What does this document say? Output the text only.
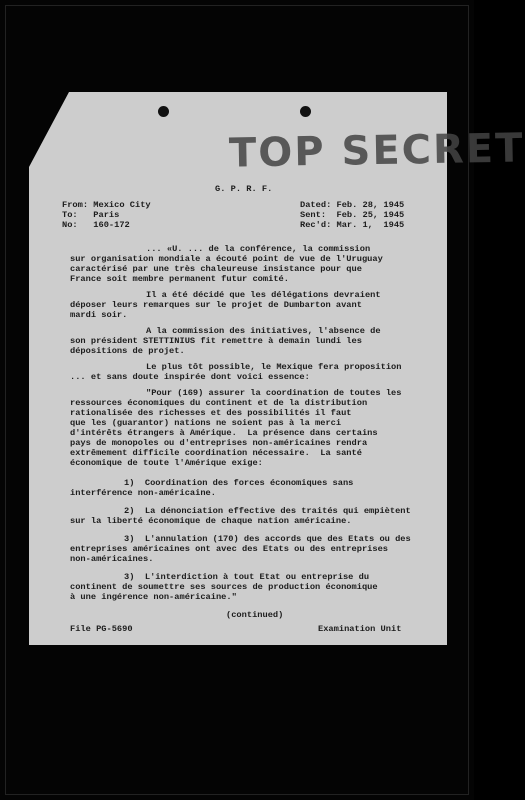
TOP SECRET
G. P. R. F.
From: Mexico City
To:   Paris
No:   160-172
Dated: Feb. 28, 1945
Sent:  Feb. 25, 1945
Rec'd: Mar. 1,  1945
... «U. ... de la conférence, la commission
sur organisation mondiale a écouté point de vue de l'Uruguay
caractérisé par une très chaleureuse insistance pour que
France soit membre permanent futur comité.
Il a été décidé que les délégations devraient
déposer leurs remarques sur le projet de Dumbarton avant
mardi soir.
A la commission des initiatives, l'absence de
son président STETTINIUS fit remettre à demain lundi les
dépositions de projet.
Le plus tôt possible, le Mexique fera proposition
... et sans doute inspirée dont voici essence:
"Pour (169) assurer la coordination de toutes les
ressources économiques du continent et de la distribution
rationalisée des richesses et des possibilités il faut
que les (guarantor) nations ne soient pas à la merci
d'intérêts étrangers à Amérique.  La présence dans certains
pays de monopoles ou d'entreprises non-américaines rendra
extrêmement difficile coordination nécessaire.  La santé
économique de toute l'Amérique exige:
1)  Coordination des forces économiques sans
interférence non-américaine.
2)  La dénonciation effective des traités qui empiètent
sur la liberté économique de chaque nation américaine.
3)  L'annulation (170) des accords que des Etats ou des
entreprises américaines ont avec des Etats ou des entreprises
non-américaines.
3)  L'interdiction à tout Etat ou entreprise du
continent de soumettre ses sources de production économique
à une ingérence non-américaine."
(continued)
File PG-5690	Examination Unit
